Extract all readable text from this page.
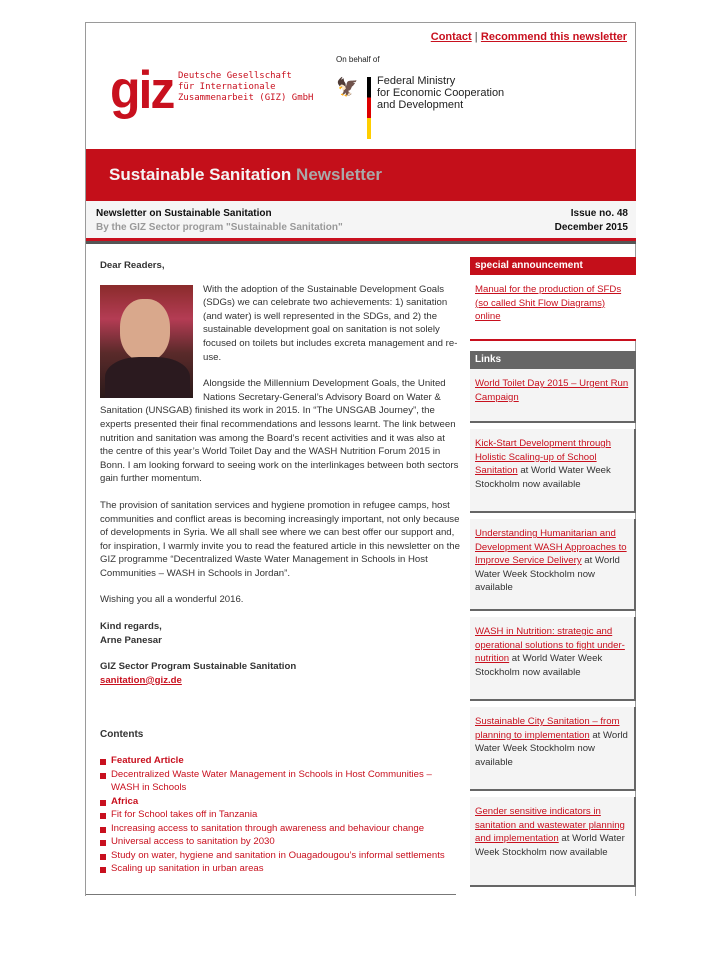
Contact | Recommend this newsletter
giz Deutsche Gesellschaft
für Internationale
Zusammenarbeit (GIZ) GmbH
On behalf of
🦅 Federal Ministry
for Economic Cooperation
and Development
Sustainable Sanitation Newsletter
Newsletter on Sustainable Sanitation
By the GIZ Sector program "Sustainable Sanitation"
Issue no. 48
December 2015

Dear Readers,

With the adoption of the Sustainable Development Goals (SDGs) we can celebrate two achievements: 1) sanitation (and water) is well represented in the SDGs, and 2) the sustainable development goal on sanitation is not solely focused on toilets but includes excreta management and re-use.

Alongside the Millennium Development Goals, the United Nations Secretary-General’s Advisory Board on Water & Sanitation (UNSGAB) finished its work in 2015. In “The UNSGAB Journey”, the experts presented their final recommendations and lessons learnt. The link between nutrition and sanitation was among the Board’s recent activities and it was also at the centre of this year’s World Toilet Day and the WASH Nutrition Forum 2015 in Bonn. I am looking forward to seeing work on the interlinkages between both sectors gain further momentum.

The provision of sanitation services and hygiene promotion in refugee camps, host communities and conflict areas is becoming increasingly important, not only because of developments in Syria. We all shall see where we can best offer our support and, for inspiration, I warmly invite you to read the featured article in this newsletter on the GIZ programme “Decentralized Waste Water Management in Schools in Host Communities – WASH in Schools in Jordan”.

Wishing you all a wonderful 2016.

Kind regards,
Arne Panesar

GIZ Sector Program Sustainable Sanitation
sanitation@giz.de

Contents
Featured Article
Decentralized Waste Water Management in Schools in Host Communities – WASH in Schools
Africa
Fit for School takes off in Tanzania
Increasing access to sanitation through awareness and behaviour change
Universal access to sanitation by 2030
Study on water, hygiene and sanitation in Ouagadougou’s informal settlements
Scaling up sanitation in urban areas
special announcement
Manual for the production of SFDs (so called Shit Flow Diagrams) online
Links
World Toilet Day 2015 – Urgent Run Campaign
Kick-Start Development through Holistic Scaling-up of School Sanitation at World Water Week Stockholm now available
Understanding Humanitarian and Development WASH Approaches to Improve Service Delivery at World Water Week Stockholm now available
WASH in Nutrition: strategic and operational solutions to fight under-nutrition at World Water Week Stockholm now available
Sustainable City Sanitation – from planning to implementation at World Water Week Stockholm now available
Gender sensitive indicators in sanitation and wastewater planning and implementation at World Water Week Stockholm now available
